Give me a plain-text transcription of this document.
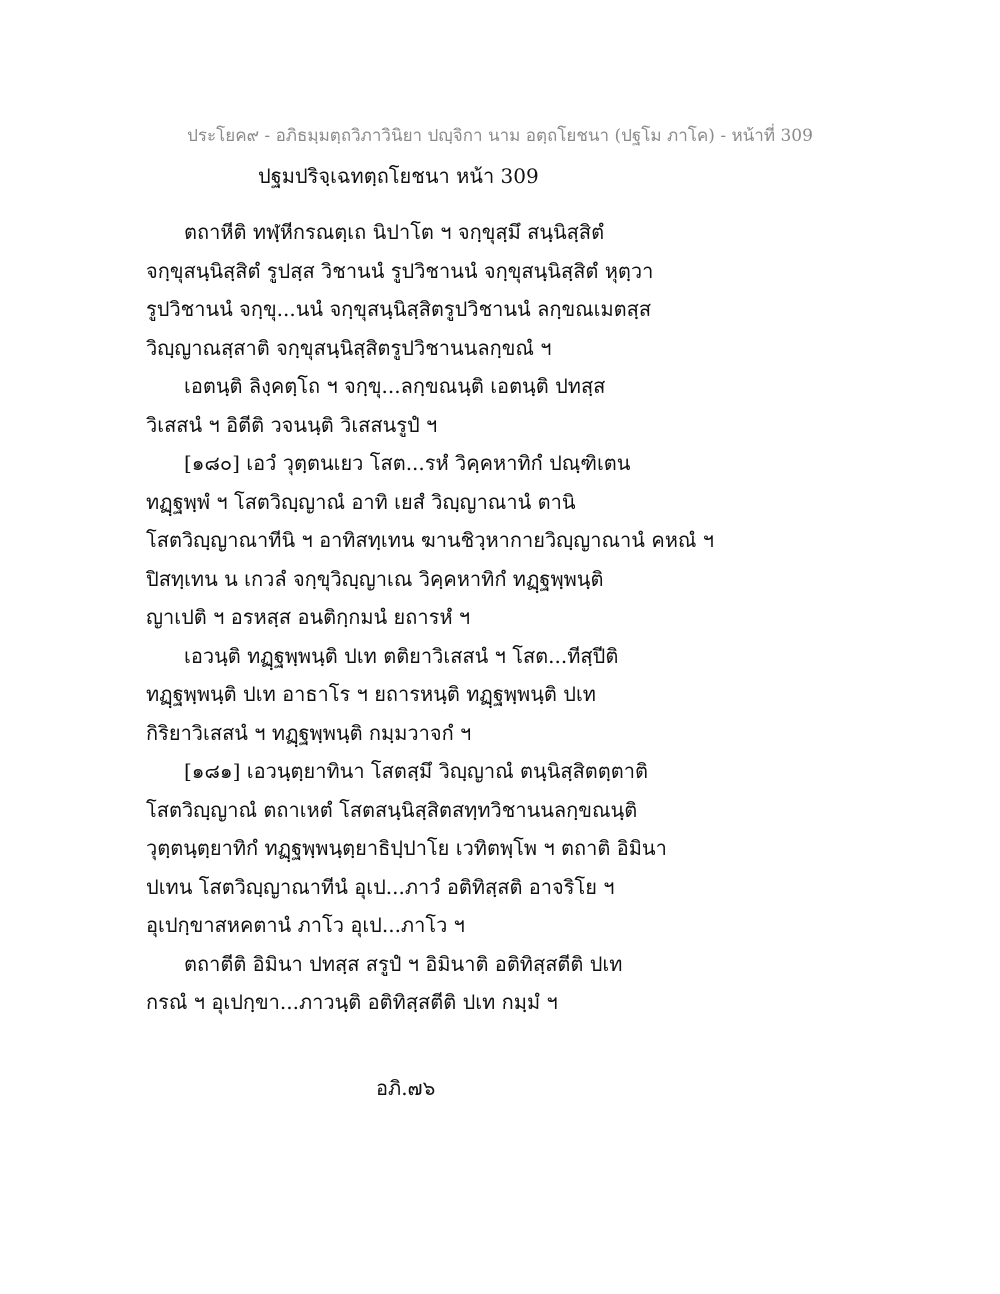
ประโยค๙ - อภิธมฺมตฺถวิภาวินิยา ปญฺจิกา นาม อตฺถโยชนา (ปฐโม ภาโค) - หน้าที่ 309
ปฐมปริจฺเฉทตฺถโยชนา หน้า 309
ตถาหีติ ทฬฺหีกรณตฺเถ นิปาโต ฯ จกฺขุสฺมึ สนฺนิสฺสิตํ
จกฺขุสนฺนิสฺสิตํ รูปสฺส วิชานนํ รูปวิชานนํ จกฺขุสนฺนิสฺสิตํ หุตฺวา
รูปวิชานนํ จกฺขุ...นนํ จกฺขุสนฺนิสฺสิตรูปวิชานนํ ลกฺขณเมตสฺส
วิญฺญาณสฺสาติ จกฺขุสนฺนิสฺสิตรูปวิชานนลกฺขณํ ฯ
เอตนฺติ ลิงฺคตฺโถ ฯ จกฺขุ...ลกฺขณนฺติ เอตนฺติ ปทสฺส
วิเสสนํ ฯ อิตีติ วจนนฺติ วิเสสนรูปํ ฯ
[๑๘๐] เอวํ วุตฺตนเยว โสต...รหํ วิคฺคหาทิกํ ปณฺฑิเตน
ทฏฺฐพฺพํ ฯ โสตวิญฺญาณํ อาทิ เยสํ วิญฺญาณานํ ตานิ
โสตวิญฺญาณาทีนิ ฯ อาทิสทฺเทน ฆานชิวฺหากายวิญฺญาณานํ คหณํ ฯ
ปิสทฺเทน น เกวลํ จกฺขุวิญฺญาเณ วิคฺคหาทิกํ ทฏฺฐพฺพนฺติ
ญาเปติ ฯ อรหสฺส อนติกฺกมนํ ยถารหํ ฯ
เอวนฺติ ทฏฺฐพฺพนฺติ ปเท ตติยาวิเสสนํ ฯ โสต...ทีสฺปีติ
ทฏฺฐพฺพนฺติ ปเท อาธาโร ฯ ยถารหนฺติ ทฏฺฐพฺพนฺติ ปเท
กิริยาวิเสสนํ ฯ ทฏฺฐพฺพนฺติ กมฺมวาจกํ ฯ
[๑๘๑] เอวนฺตฺยาทินา โสตสฺมึ วิญฺญาณํ ตนฺนิสฺสิตตฺตาติ
โสตวิญฺญาณํ ตถาเหตํ โสตสนฺนิสฺสิตสทฺทวิชานนลกฺขณนฺติ
วุตฺตนฺตฺยาทิกํ ทฏฺฐพฺพนฺตฺยาธิปฺปาโย เวทิตพฺโพ ฯ ตถาติ อิมินา
ปเทน โสตวิญฺญาณาทีนํ อุเป...ภาวํ อติทิสฺสติ อาจริโย ฯ
อุเปกฺขาสหคตานํ ภาโว อุเป...ภาโว ฯ
ตถาตีติ อิมินา ปทสฺส สรูปํ ฯ อิมินาติ อติทิสฺสตีติ ปเท
กรณํ ฯ อุเปกฺขา...ภาวนฺติ อติทิสฺสตีติ ปเท กมฺมํ ฯ
อภิ.๗๖
